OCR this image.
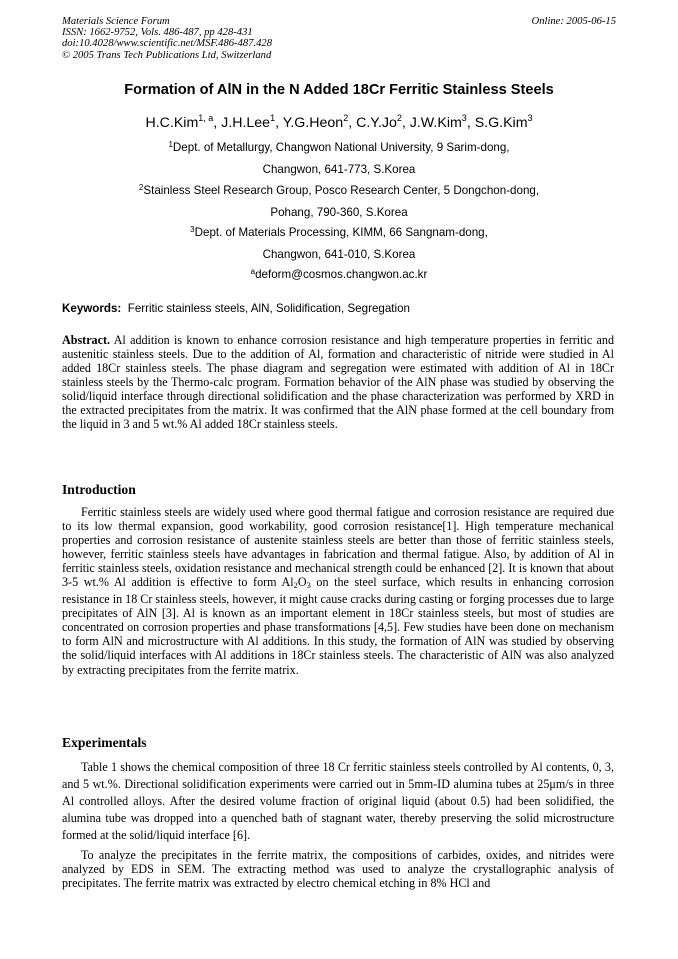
Materials Science Forum
ISSN: 1662-9752, Vols. 486-487, pp 428-431
doi:10.4028/www.scientific.net/MSF.486-487.428
© 2005 Trans Tech Publications Ltd, Switzerland
Online: 2005-06-15
Formation of AlN in the N Added 18Cr Ferritic Stainless Steels
H.C.Kim$^{1, a}$, J.H.Lee$^1$, Y.G.Heon$^2$, C.Y.Jo$^2$, J.W.Kim$^3$, S.G.Kim$^3$
$^1$Dept. of Metallurgy, Changwon National University, 9 Sarim-dong,
Changwon, 641-773, S.Korea
$^2$Stainless Steel Research Group, Posco Research Center, 5 Dongchon-dong,
Pohang, 790-360, S.Korea
$^3$Dept. of Materials Processing, KIMM, 66 Sangnam-dong,
Changwon, 641-010, S.Korea
$^a$deform@cosmos.changwon.ac.kr
Keywords: Ferritic stainless steels, AlN, Solidification, Segregation
Abstract. Al addition is known to enhance corrosion resistance and high temperature properties in ferritic and austenitic stainless steels. Due to the addition of Al, formation and characteristic of nitride were studied in Al added 18Cr stainless steels. The phase diagram and segregation were estimated with addition of Al in 18Cr stainless steels by the Thermo-calc program. Formation behavior of the AlN phase was studied by observing the solid/liquid interface through directional solidification and the phase characterization was performed by XRD in the extracted precipitates from the matrix. It was confirmed that the AlN phase formed at the cell boundary from the liquid in 3 and 5 wt.% Al added 18Cr stainless steels.
Introduction
Ferritic stainless steels are widely used where good thermal fatigue and corrosion resistance are required due to its low thermal expansion, good workability, good corrosion resistance[1]. High temperature mechanical properties and corrosion resistance of austenite stainless steels are better than those of ferritic stainless steels, however, ferritic stainless steels have advantages in fabrication and thermal fatigue. Also, by addition of Al in ferritic stainless steels, oxidation resistance and mechanical strength could be enhanced [2]. It is known that about 3-5 wt.% Al addition is effective to form $Al_2O_3$ on the steel surface, which results in enhancing corrosion resistance in 18 Cr stainless steels, however, it might cause cracks during casting or forging processes due to large precipitates of AlN [3]. Al is known as an important element in 18Cr stainless steels, but most of studies are concentrated on corrosion properties and phase transformations [4,5]. Few studies have been done on mechanism to form AlN and microstructure with Al additions. In this study, the formation of AlN was studied by observing the solid/liquid interfaces with Al additions in 18Cr stainless steels. The characteristic of AlN was also analyzed by extracting precipitates from the ferrite matrix.
Experimentals
Table 1 shows the chemical composition of three 18 Cr ferritic stainless steels controlled by Al contents, 0, 3, and 5 wt.%. Directional solidification experiments were carried out in 5mm-ID alumina tubes at 25μm/s in three Al controlled alloys. After the desired volume fraction of original liquid (about 0.5) had been solidified, the alumina tube was dropped into a quenched bath of stagnant water, thereby preserving the solid microstructure formed at the solid/liquid interface [6].
To analyze the precipitates in the ferrite matrix, the compositions of carbides, oxides, and nitrides were analyzed by EDS in SEM. The extracting method was used to analyze the crystallographic analysis of precipitates. The ferrite matrix was extracted by electro chemical etching in 8% HCl and
